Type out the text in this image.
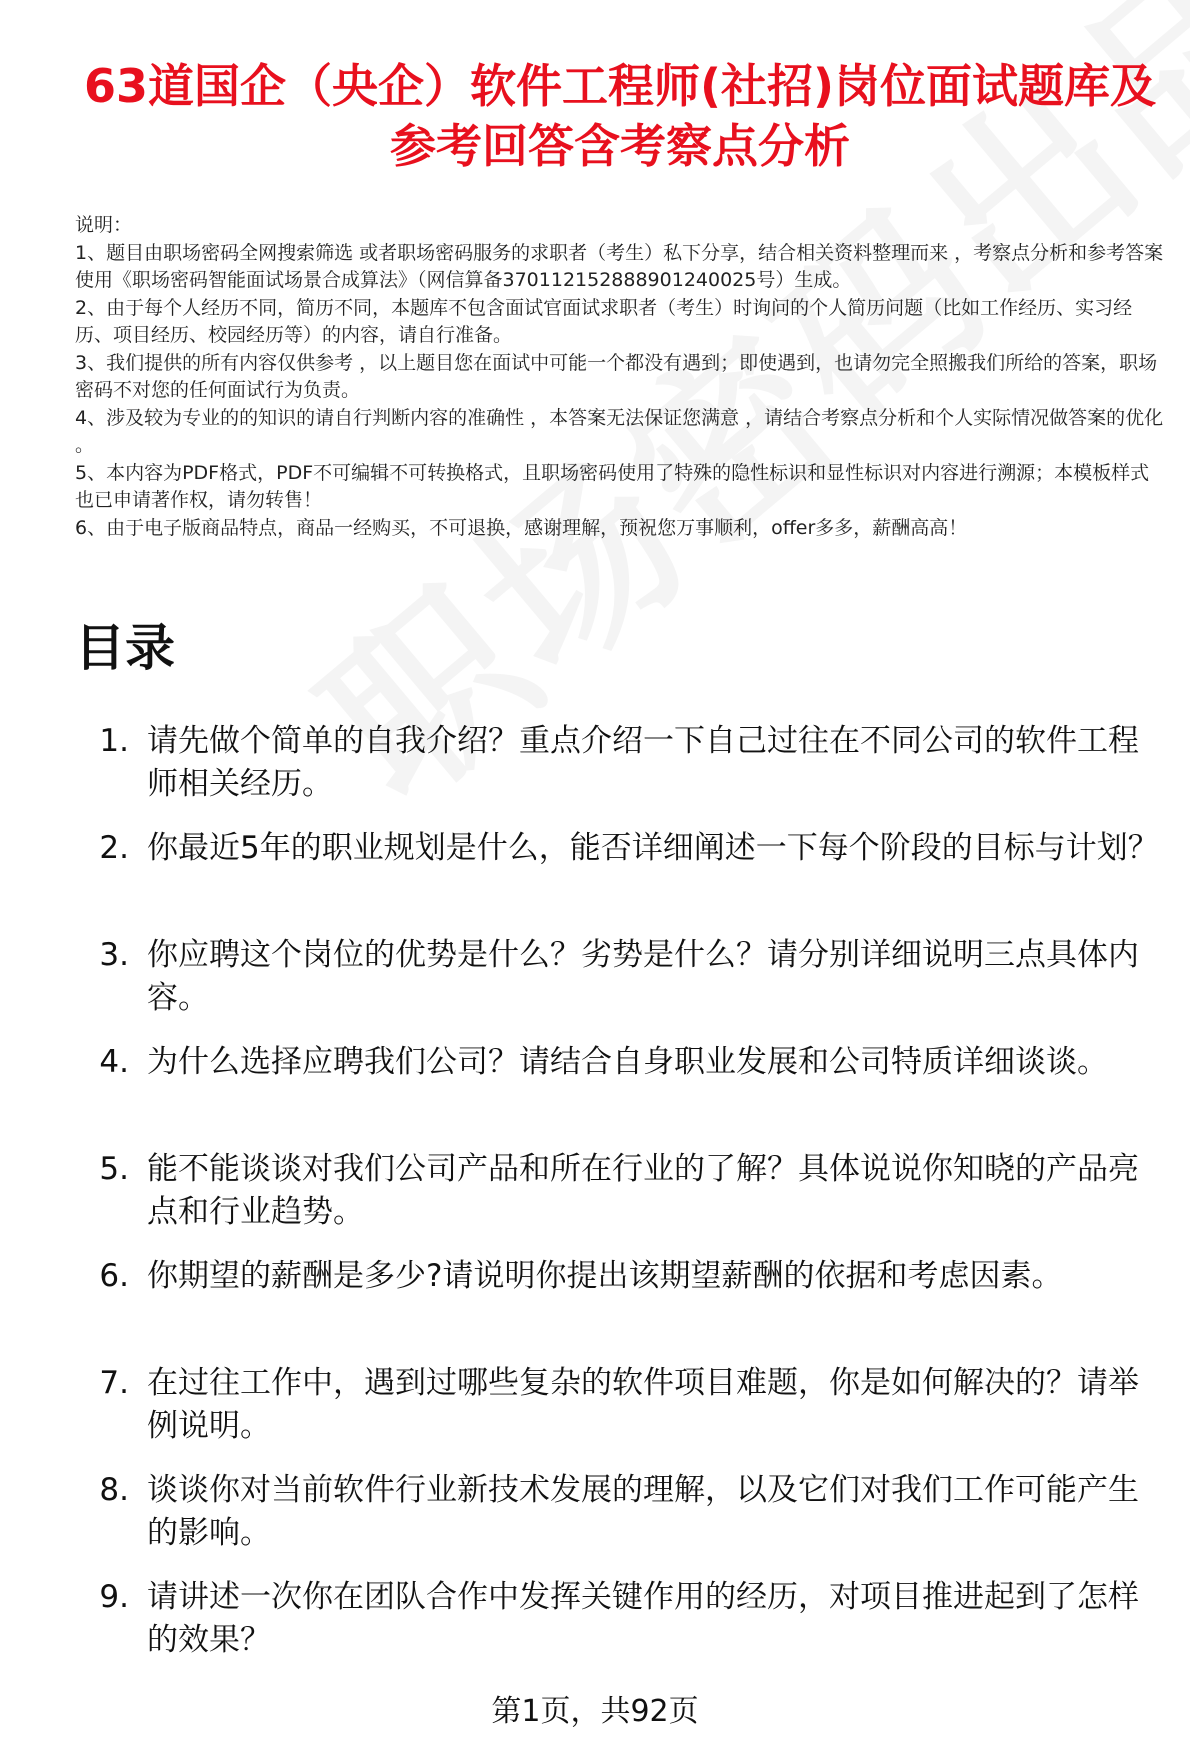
63道国企（央企）软件工程师(社招)岗位面试题库及参考回答含考察点分析

说明：

1、题目由职场密码全网搜索筛选 或者职场密码服务的求职者（考生）私下分享，结合相关资料整理而来 ，考察点分析和参考答案使用《职场密码智能面试场景合成算法》（网信算备370112152888901240025号）生成。

2、由于每个人经历不同，简历不同，本题库不包含面试官面试求职者（考生）时询问的个人简历问题（比如工作经历、实习经历、项目经历、校园经历等）的内容，请自行准备。

3、我们提供的所有内容仅供参考 ，以上题目您在面试中可能一个都没有遇到；即使遇到，也请勿完全照搬我们所给的答案，职场密码不对您的任何面试行为负责。

4、涉及较为专业的的知识的请自行判断内容的准确性 ，本答案无法保证您满意 ，请结合考察点分析和个人实际情况做答案的优化 。

5、本内容为PDF格式，PDF不可编辑不可转换格式，且职场密码使用了特殊的隐性标识和显性标识对内容进行溯源；本模板样式也已申请著作权，请勿转售！

6、由于电子版商品特点，商品一经购买，不可退换，感谢理解，预祝您万事顺利，offer多多，薪酬高高！

目录
1. 请先做个简单的自我介绍？重点介绍一下自己过往在不同公司的软件工程师相关经历。
2. 你最近5年的职业规划是什么，能否详细阐述一下每个阶段的目标与计划？
3. 你应聘这个岗位的优势是什么？劣势是什么？请分别详细说明三点具体内容。
4. 为什么选择应聘我们公司？请结合自身职业发展和公司特质详细谈谈。
5. 能不能谈谈对我们公司产品和所在行业的了解？具体说说你知晓的产品亮点和行业趋势。
6. 你期望的薪酬是多少?请说明你提出该期望薪酬的依据和考虑因素。
7. 在过往工作中，遇到过哪些复杂的软件项目难题，你是如何解决的？请举例说明。
8. 谈谈你对当前软件行业新技术发展的理解，以及它们对我们工作可能产生的影响。
9. 请讲述一次你在团队合作中发挥关键作用的经历，对项目推进起到了怎样的效果？
第1页，共92页
